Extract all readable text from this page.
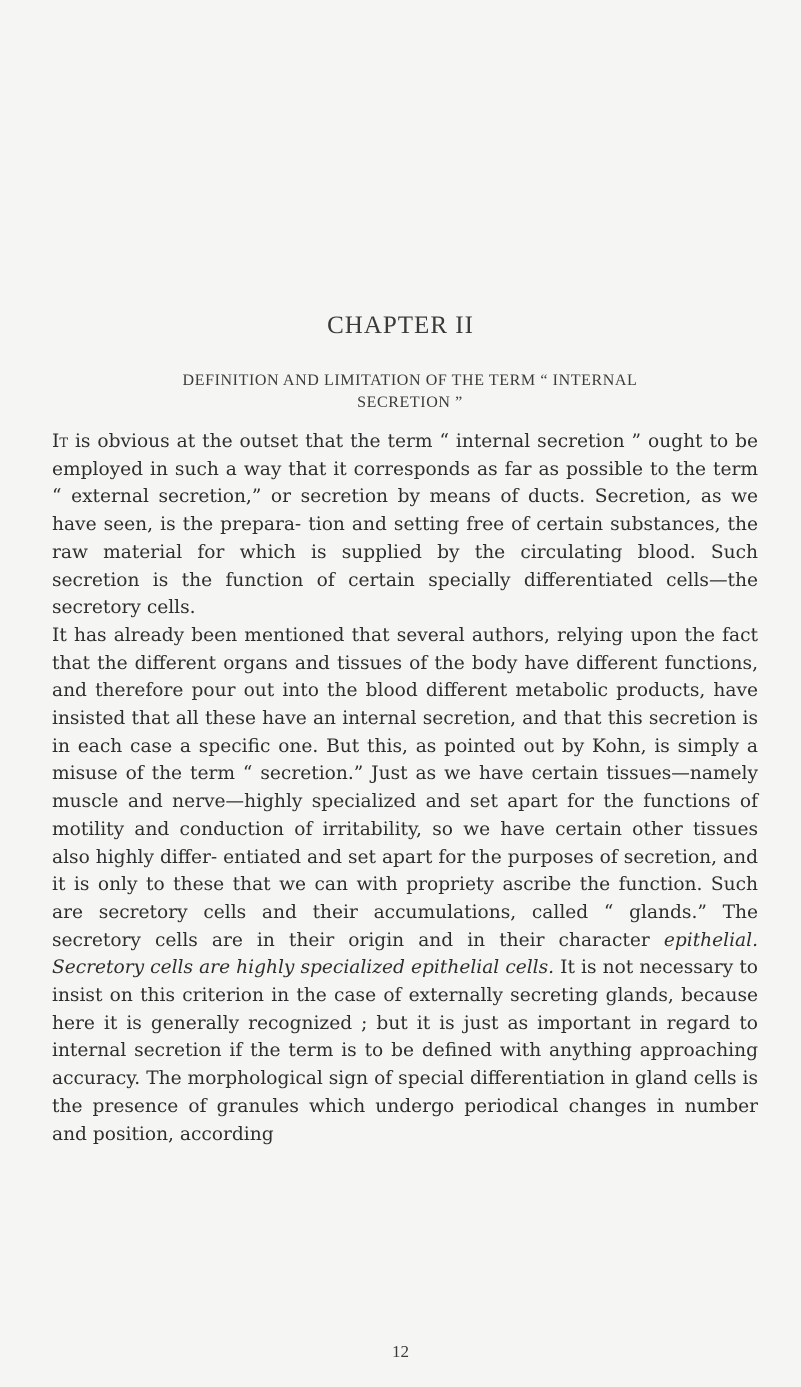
CHAPTER II
DEFINITION AND LIMITATION OF THE TERM “ INTERNAL
SECRETION ”

It is obvious at the outset that the term “ internal secretion ” ought to be employed in such a way that it corresponds as far as possible to the term “ external secretion,” or secretion by means of ducts. Secretion, as we have seen, is the prepara- tion and setting free of certain substances, the raw material for which is supplied by the circulating blood. Such secretion is the function of certain specially differentiated cells—the secretory cells.

It has already been mentioned that several authors, relying upon the fact that the different organs and tissues of the body have different functions, and therefore pour out into the blood different metabolic products, have insisted that all these have an internal secretion, and that this secretion is in each case a specific one. But this, as pointed out by Kohn, is simply a misuse of the term “ secretion.” Just as we have certain tissues—namely muscle and nerve—highly specialized and set apart for the functions of motility and conduction of irritability, so we have certain other tissues also highly differ- entiated and set apart for the purposes of secretion, and it is only to these that we can with propriety ascribe the function. Such are secretory cells and their accumulations, called “ glands.” The secretory cells are in their origin and in their character epithelial. Secretory cells are highly specialized epithelial cells. It is not necessary to insist on this criterion in the case of externally secreting glands, because here it is generally recognized ; but it is just as important in regard to internal secretion if the term is to be defined with anything approaching accuracy. The morphological sign of special differentiation in gland cells is the presence of granules which undergo periodical changes in number and position, according

12
